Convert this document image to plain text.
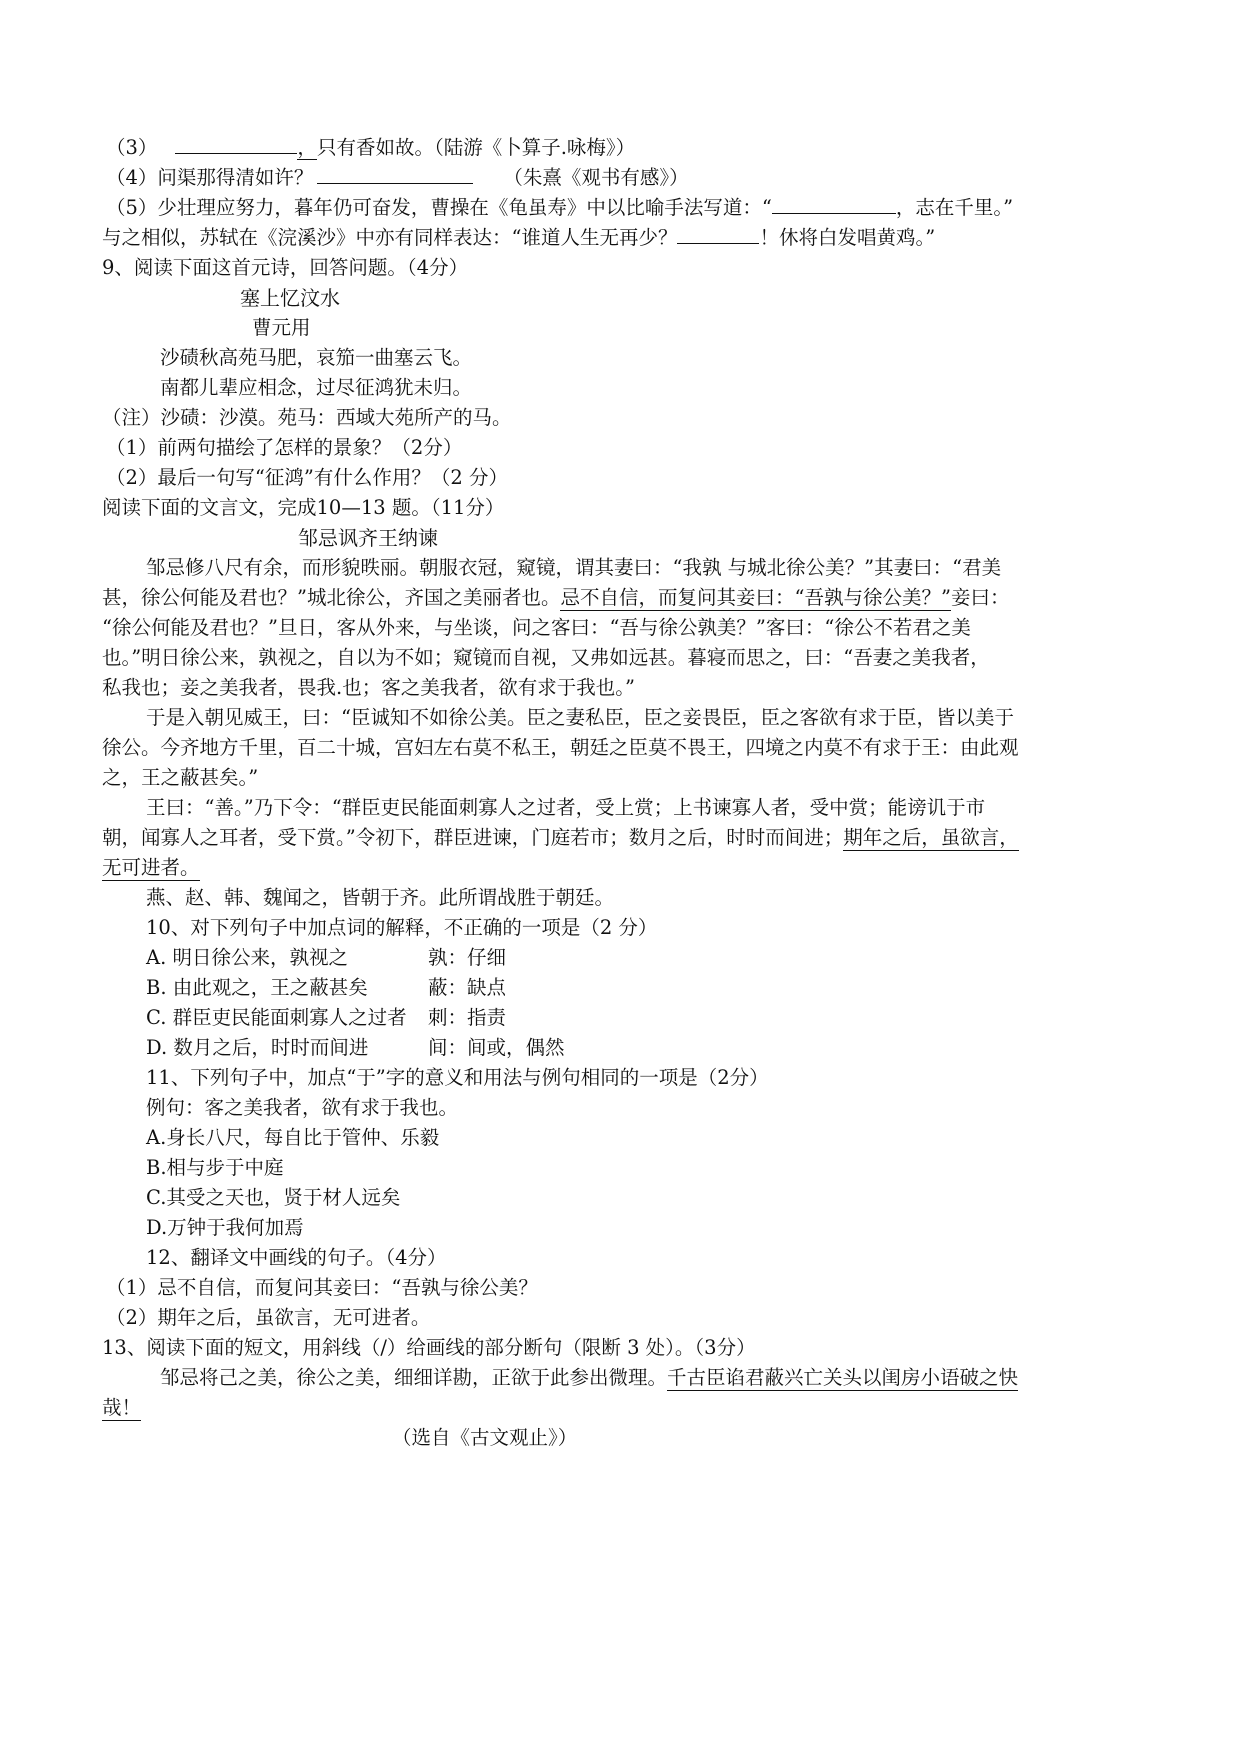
（3）	，只有香如故。（陆游《卜算子.咏梅》）
（4）问渠那得清如许？	（朱熹《观书有感》）
（5）少壮理应努力，暮年仍可奋发，曹操在《龟虽寿》中以比喻手法写道：“	，志在千里。”
与之相似，苏轼在《浣溪沙》中亦有同样表达：“谁道人生无再少？	！休将白发唱黄鸡。”
9、阅读下面这首元诗，回答问题。（4分）
塞上忆汶水
曹元用
沙碛秋高苑马肥，哀笳一曲塞云飞。
南都儿辈应相念，过尽征鸿犹未归。
（注）沙碛：沙漠。苑马：西域大苑所产的马。
（1）前两句描绘了怎样的景象？（2分）
（2）最后一句写“征鸿”有什么作用？（2 分）
阅读下面的文言文，完成10—13 题。（11分）
邹忌讽齐王纳谏
邹忌修八尺有余，而形貌昳丽。朝服衣冠，窥镜，谓其妻曰：“我孰 与城北徐公美？”其妻曰：“君美
甚，徐公何能及君也？”城北徐公，齐国之美丽者也。忌不自信，而复问其妾曰：“吾孰与徐公美？”妾曰：
“徐公何能及君也？”旦日，客从外来，与坐谈，问之客曰：“吾与徐公孰美？”客曰：“徐公不若君之美
也。”明日徐公来，孰视之，自以为不如；窥镜而自视，又弗如远甚。暮寝而思之，曰：“吾妻之美我者，
私我也；妾之美我者，畏我.也；客之美我者，欲有求于我也。”
于是入朝见威王，曰：“臣诚知不如徐公美。臣之妻私臣，臣之妾畏臣，臣之客欲有求于臣，皆以美于
徐公。今齐地方千里，百二十城，宫妇左右莫不私王，朝廷之臣莫不畏王，四境之内莫不有求于王：由此观
之，王之蔽甚矣。”
王曰：“善。”乃下令：“群臣吏民能面刺寡人之过者，受上赏；上书谏寡人者，受中赏；能谤讥于市
朝，闻寡人之耳者，受下赏。”令初下，群臣进谏，门庭若市；数月之后，时时而间进；期年之后，虽欲言，
无可进者。
燕、赵、韩、魏闻之，皆朝于齐。此所谓战胜于朝廷。
10、对下列句子中加点词的解释，不正确的一项是（2 分）
A. 明日徐公来，孰视之	孰：仔细
B. 由此观之，王之蔽甚矣	蔽：缺点
C. 群臣吏民能面刺寡人之过者 刺：指责
D. 数月之后，时时而间进	间：间或，偶然
11、下列句子中，加点“于”字的意义和用法与例句相同的一项是（2分）
例句：客之美我者，欲有求于我也。
A.身长八尺，每自比于管仲、乐毅
B.相与步于中庭
C.其受之天也，贤于材人远矣
D.万钟于我何加焉
12、翻译文中画线的句子。（4分）
（1）忌不自信，而复问其妾曰：“吾孰与徐公美？
（2）期年之后，虽欲言，无可进者。
13、阅读下面的短文，用斜线（/）给画线的部分断句（限断 3 处）。（3分）
邹忌将己之美，徐公之美，细细详勘，正欲于此参出微理。千古臣谄君蔽兴亡关头以闺房小语破之快
哉！
（选自《古文观止》）
